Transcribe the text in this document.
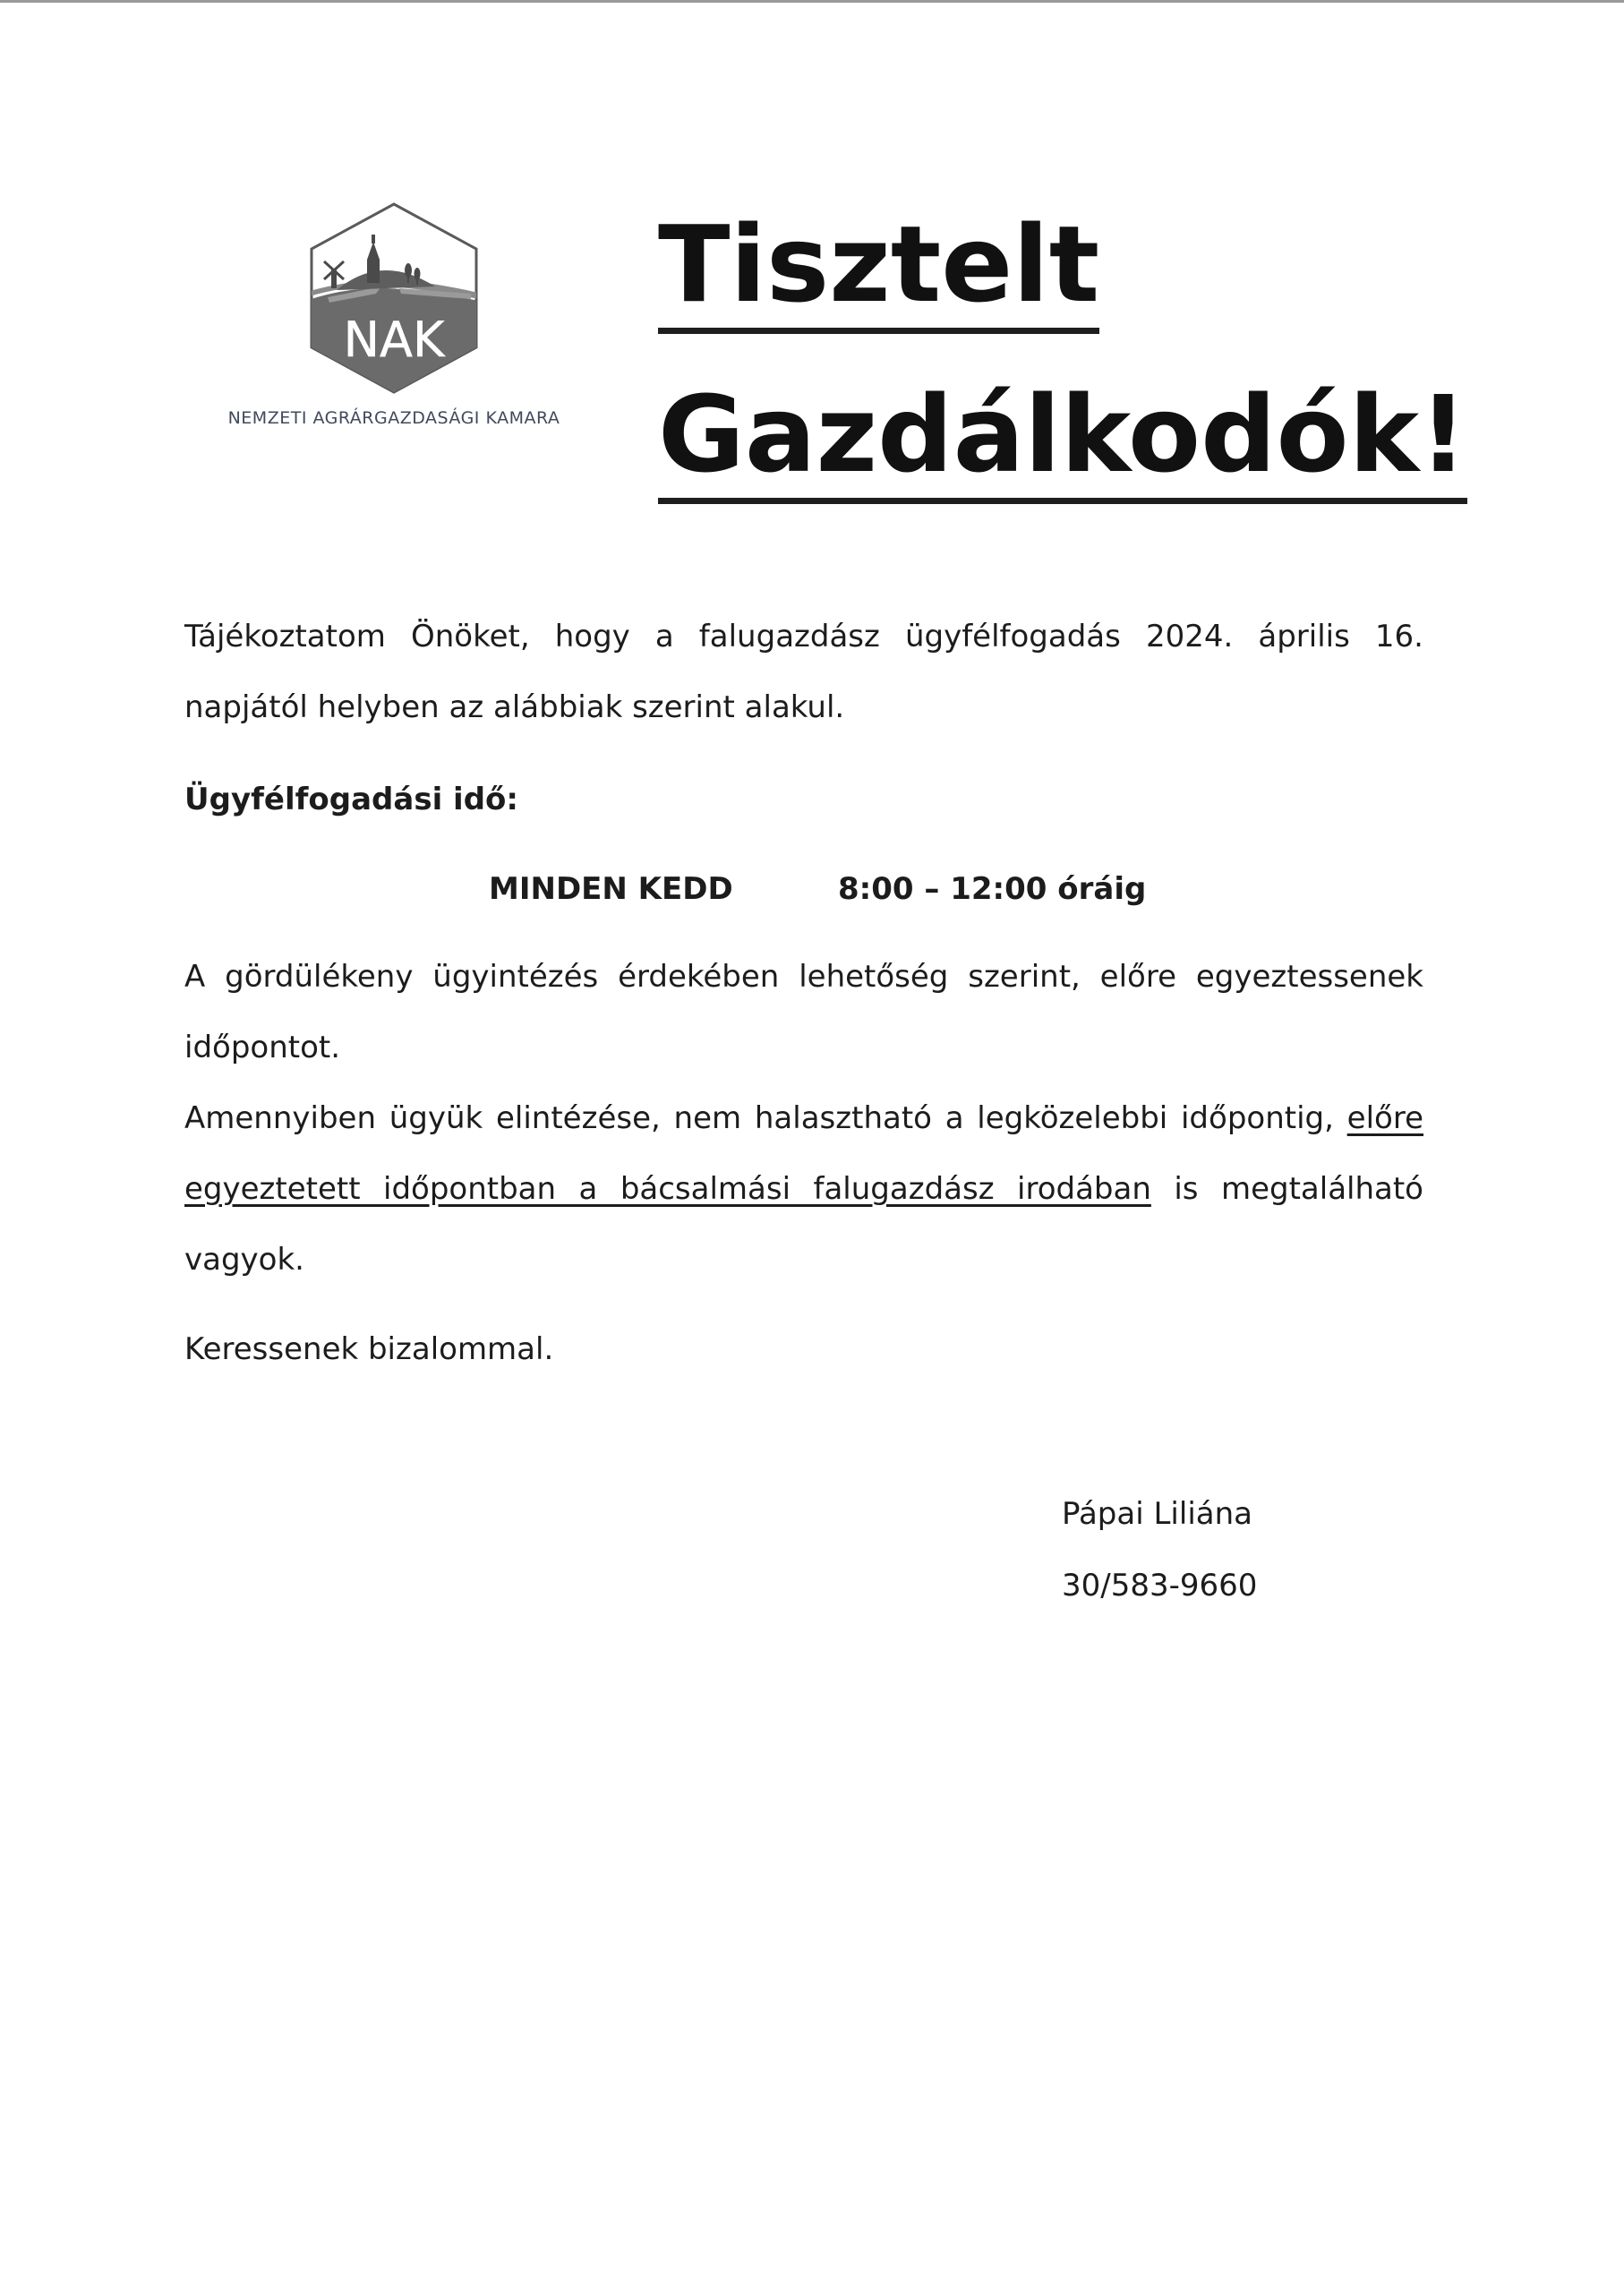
NAK
NEMZETI AGRÁRGAZDASÁGI KAMARA
Tisztelt
Gazdálkodók!
Tájékoztatom Önöket, hogy a falugazdász ügyfélfogadás 2024. április 16. napjától helyben az alábbiak szerint alakul.
Ügyfélfogadási idő:
MINDEN KEDD	8:00 – 12:00 óráig
A gördülékeny ügyintézés érdekében lehetőség szerint, előre egyeztessenek időpontot.
Amennyiben ügyük elintézése, nem halasztható a legközelebbi időpontig, előre egyeztetett időpontban a bácsalmási falugazdász irodában is megtalálható vagyok.
Keressenek bizalommal.
Pápai Liliána
30/583-9660
